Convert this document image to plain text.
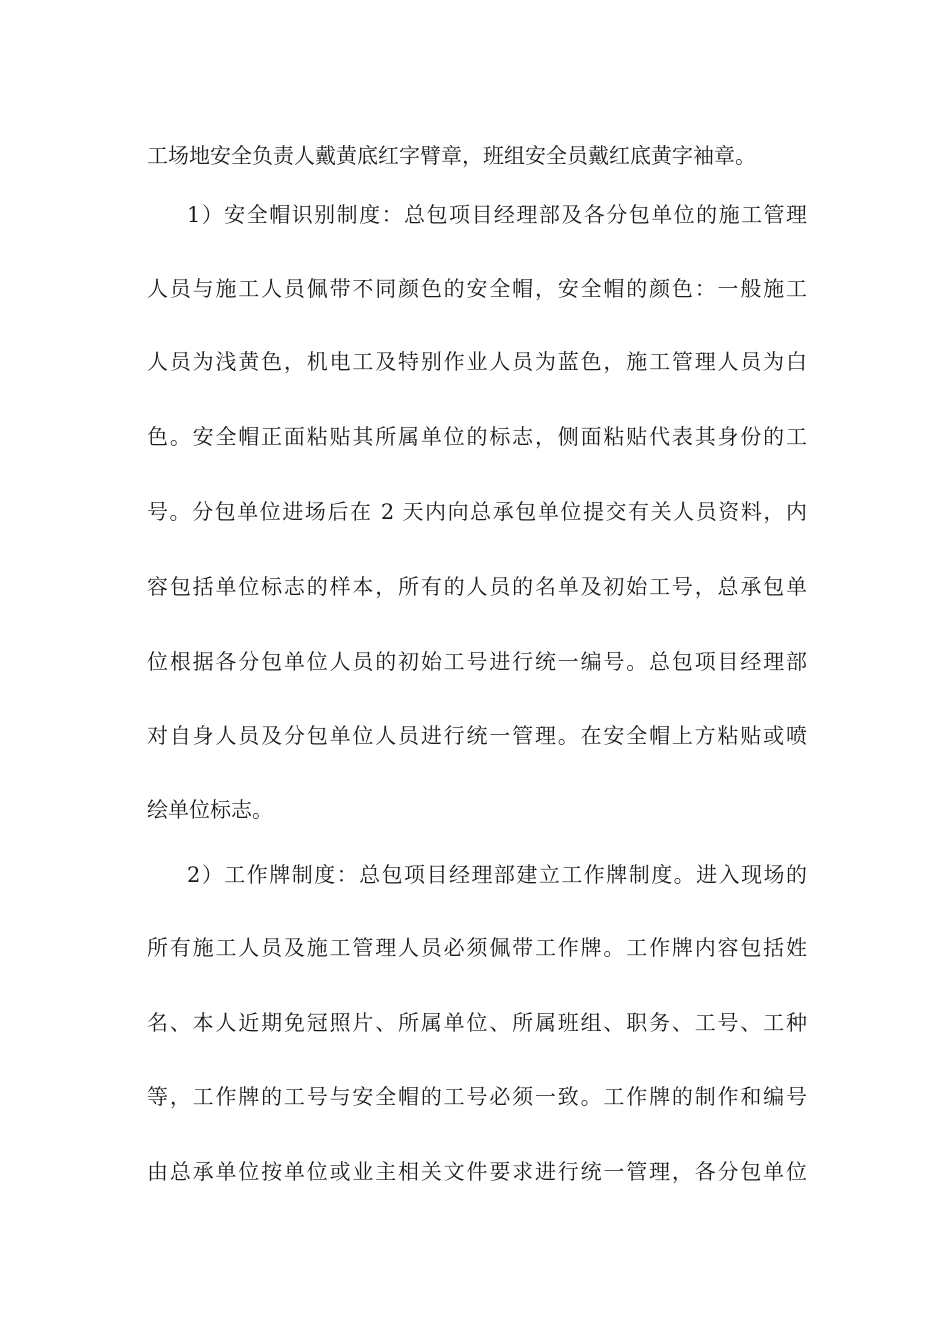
工场地安全负责人戴黄底红字臂章，班组安全员戴红底黄字袖章。
1）安全帽识别制度：总包项目经理部及各分包单位的施工管理
人员与施工人员佩带不同颜色的安全帽，安全帽的颜色：一般施工
人员为浅黄色，机电工及特别作业人员为蓝色，施工管理人员为白
色。安全帽正面粘贴其所属单位的标志，侧面粘贴代表其身份的工
号。分包单位进场后在 2 天内向总承包单位提交有关人员资料，内
容包括单位标志的样本，所有的人员的名单及初始工号，总承包单
位根据各分包单位人员的初始工号进行统一编号。总包项目经理部
对自身人员及分包单位人员进行统一管理。在安全帽上方粘贴或喷
绘单位标志。
2）工作牌制度：总包项目经理部建立工作牌制度。进入现场的
所有施工人员及施工管理人员必须佩带工作牌。工作牌内容包括姓
名、本人近期免冠照片、所属单位、所属班组、职务、工号、工种
等，工作牌的工号与安全帽的工号必须一致。工作牌的制作和编号
由总承单位按单位或业主相关文件要求进行统一管理，各分包单位
